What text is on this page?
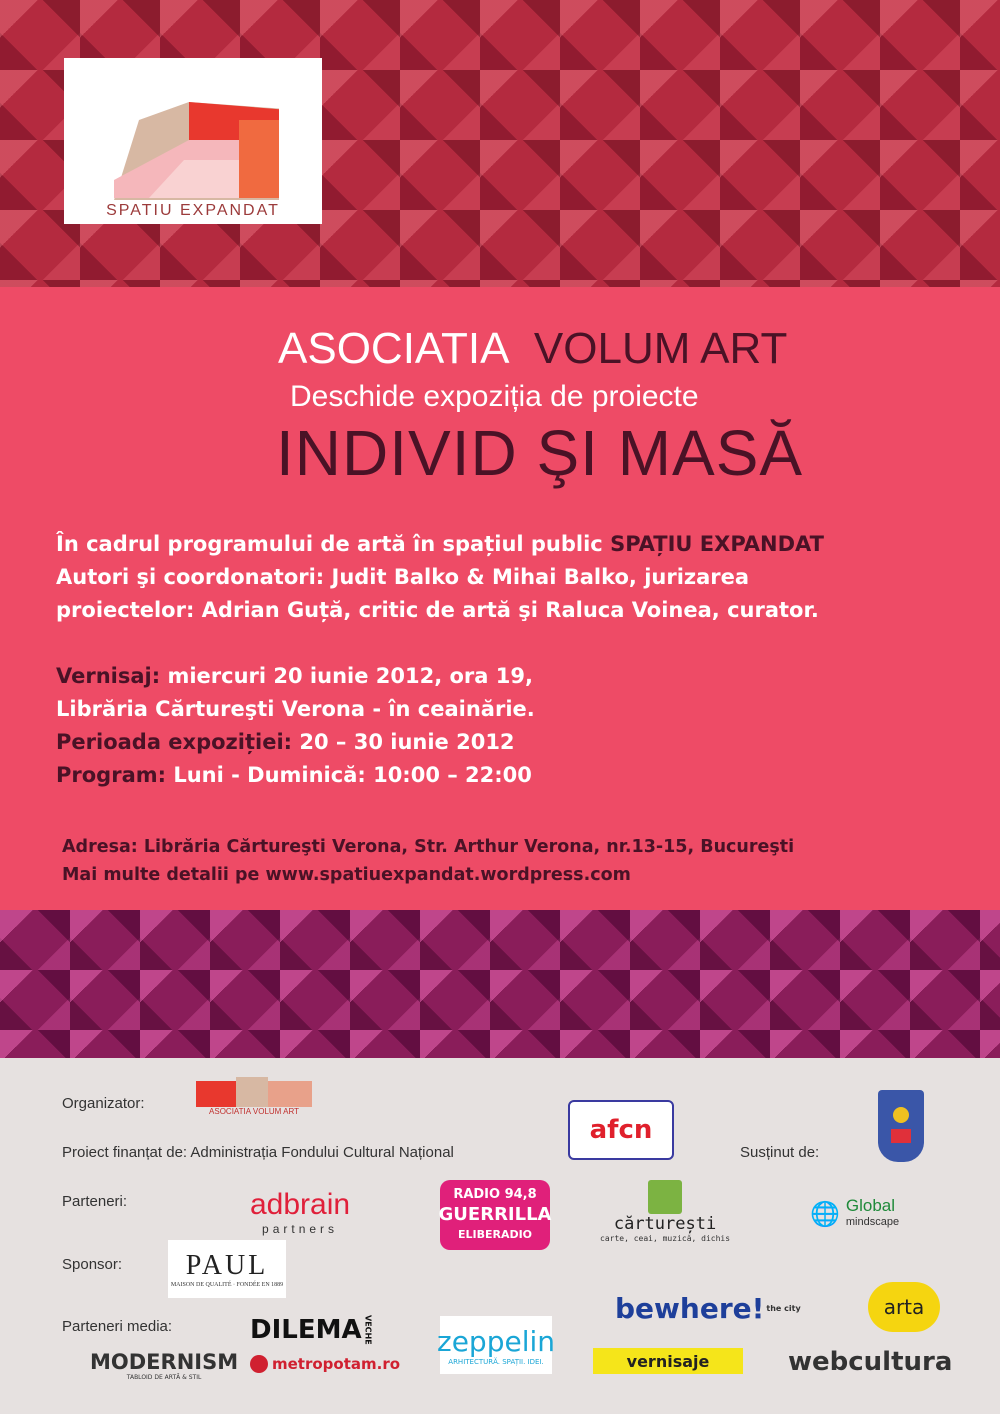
SPATIU EXPANDAT
ASOCIATIA VOLUM ART
Deschide expoziția de proiecte
INDIVID ŞI MASĂ
În cadrul programului de artă în spațiul public SPAȚIU EXPANDAT
Autori şi coordonatori: Judit Balko & Mihai Balko, jurizarea
proiectelor: Adrian Guță, critic de artă şi Raluca Voinea, curator.
Vernisaj: miercuri 20 iunie 2012, ora 19,
Librăria Cărtureşti Verona - în ceainărie.
Perioada expoziției: 20 – 30 iunie 2012
Program: Luni - Duminică: 10:00 – 22:00
Adresa: Librăria Cărtureşti Verona, Str. Arthur Verona, nr.13-15, Bucureşti
Mai multe detalii pe www.spatiuexpandat.wordpress.com
Organizator:	ASOCIATIA VOLUM ART
afcn
Proiect finanțat de: Administrația Fondului Cultural Național	Susținut de:
Parteneri:	adbrain
partners
RADIO 94,8
GUERRILLA
ELIBERADIO
cărturești
carte, ceai, muzică, dichis
🌐 Global
mindscape
Sponsor: PAUL
MAISON DE QUALITÉ · FONDÉE EN 1889
Parteneri media:	DILEMA VECHE
metropotam.ro
MODERNISM
TABLOID DE ARTĂ & STIL
zeppelin
ARHITECTURĂ. SPAȚII. IDEI.
bewhere! the city
vernisaje
arta
webcultura
